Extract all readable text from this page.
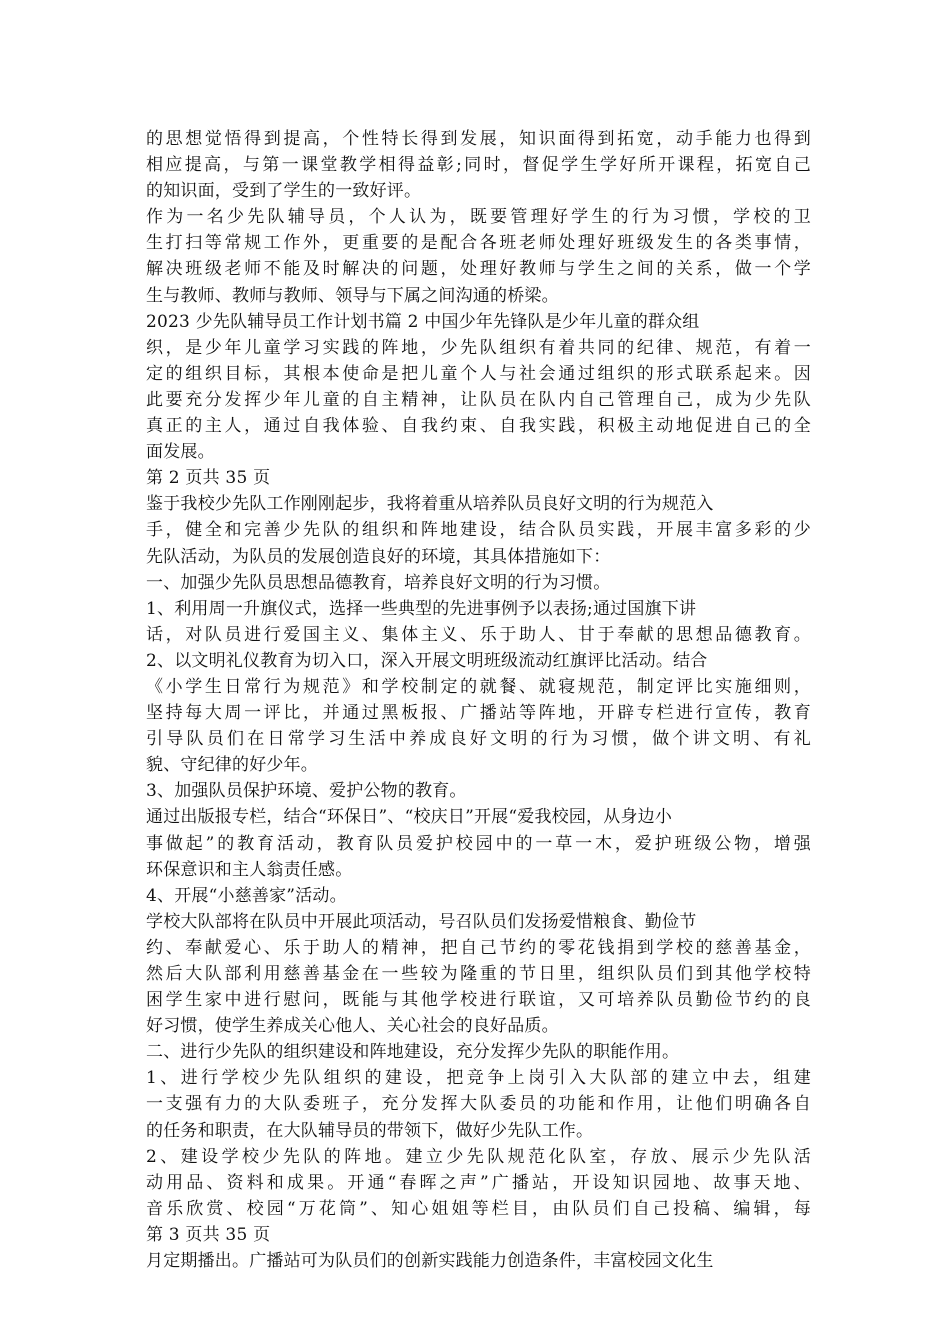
的思想觉悟得到提高，个性特长得到发展，知识面得到拓宽，动手能力也得到
相应提高，与第一课堂教学相得益彰;同时，督促学生学好所开课程，拓宽自己
的知识面，受到了学生的一致好评。
作为一名少先队辅导员，个人认为，既要管理好学生的行为习惯，学校的卫
生打扫等常规工作外，更重要的是配合各班老师处理好班级发生的各类事情，
解决班级老师不能及时解决的问题，处理好教师与学生之间的关系，做一个学
生与教师、教师与教师、领导与下属之间沟通的桥梁。
2023 少先队辅导员工作计划书篇 2 中国少年先锋队是少年儿童的群众组
织，是少年儿童学习实践的阵地，少先队组织有着共同的纪律、规范，有着一
定的组织目标，其根本使命是把儿童个人与社会通过组织的形式联系起来。因
此要充分发挥少年儿童的自主精神，让队员在队内自己管理自己，成为少先队
真正的主人，通过自我体验、自我约束、自我实践，积极主动地促进自己的全
面发展。
第 2 页共 35 页
鉴于我校少先队工作刚刚起步，我将着重从培养队员良好文明的行为规范入
手，健全和完善少先队的组织和阵地建设，结合队员实践，开展丰富多彩的少
先队活动，为队员的发展创造良好的环境，其具体措施如下：
一、加强少先队员思想品德教育，培养良好文明的行为习惯。
1、利用周一升旗仪式，选择一些典型的先进事例予以表扬;通过国旗下讲
话，对队员进行爱国主义、集体主义、乐于助人、甘于奉献的思想品德教育。
2、以文明礼仪教育为切入口，深入开展文明班级流动红旗评比活动。结合
《小学生日常行为规范》和学校制定的就餐、就寝规范，制定评比实施细则，
坚持每大周一评比，并通过黑板报、广播站等阵地，开辟专栏进行宣传，教育
引导队员们在日常学习生活中养成良好文明的行为习惯，做个讲文明、有礼
貌、守纪律的好少年。
3、加强队员保护环境、爱护公物的教育。
通过出版报专栏，结合“环保日”、“校庆日”开展“爱我校园，从身边小
事做起”的教育活动，教育队员爱护校园中的一草一木，爱护班级公物，增强
环保意识和主人翁责任感。
4、开展“小慈善家”活动。
学校大队部将在队员中开展此项活动，号召队员们发扬爱惜粮食、勤俭节
约、奉献爱心、乐于助人的精神，把自己节约的零花钱捐到学校的慈善基金，
然后大队部利用慈善基金在一些较为隆重的节日里，组织队员们到其他学校特
困学生家中进行慰问，既能与其他学校进行联谊，又可培养队员勤俭节约的良
好习惯，使学生养成关心他人、关心社会的良好品质。
二、进行少先队的组织建设和阵地建设，充分发挥少先队的职能作用。
1、进行学校少先队组织的建设，把竞争上岗引入大队部的建立中去，组建
一支强有力的大队委班子，充分发挥大队委员的功能和作用，让他们明确各自
的任务和职责，在大队辅导员的带领下，做好少先队工作。
2、建设学校少先队的阵地。建立少先队规范化队室，存放、展示少先队活
动用品、资料和成果。开通“春晖之声”广播站，开设知识园地、故事天地、
音乐欣赏、校园“万花筒”、知心姐姐等栏目，由队员们自己投稿、编辑，每
第 3 页共 35 页
月定期播出。广播站可为队员们的创新实践能力创造条件，丰富校园文化生
